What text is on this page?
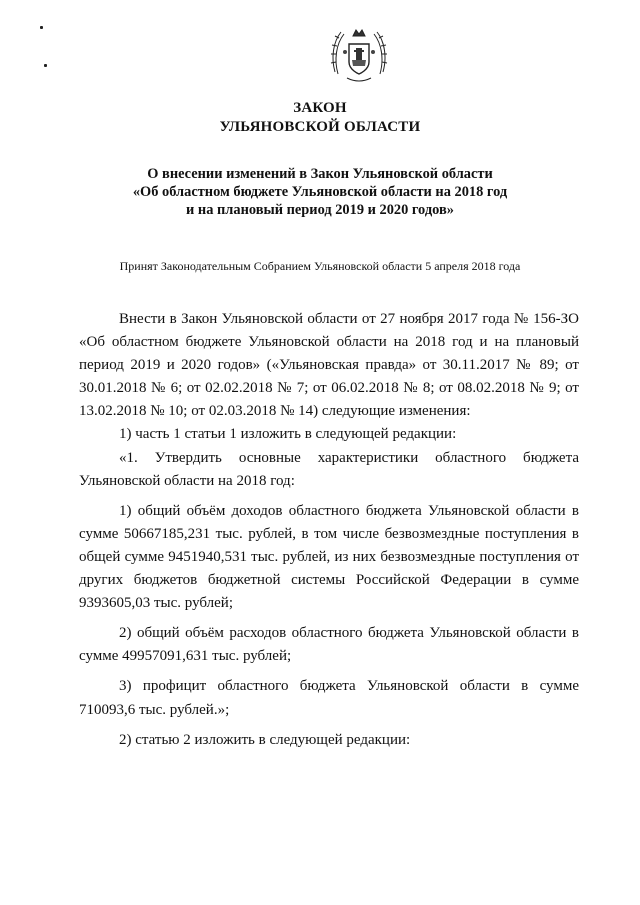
ЗАКОН
УЛЬЯНОВСКОЙ ОБЛАСТИ
О внесении изменений в Закон Ульяновской области
«Об областном бюджете Ульяновской области на 2018 год
и на плановый период 2019 и 2020 годов»
Принят Законодательным Собранием Ульяновской области 5 апреля 2018 года

Внести в Закон Ульяновской области от 27 ноября 2017 года № 156-ЗО «Об областном бюджете Ульяновской области на 2018 год и на плановый период 2019 и 2020 годов» («Ульяновская правда» от 30.11.2017 № 89; от 30.01.2018 № 6; от 02.02.2018 № 7; от 06.02.2018 № 8; от 08.02.2018 № 9; от 13.02.2018 № 10; от 02.03.2018 № 14) следующие изменения:

1) часть 1 статьи 1 изложить в следующей редакции:

«1. Утвердить основные характеристики областного бюджета Ульяновской области на 2018 год:

1) общий объём доходов областного бюджета Ульяновской области в сумме 50667185,231 тыс. рублей, в том числе безвозмездные поступления в общей сумме 9451940,531 тыс. рублей, из них безвозмездные поступления от других бюджетов бюджетной системы Российской Федерации в сумме 9393605,03 тыс. рублей;

2) общий объём расходов областного бюджета Ульяновской области в сумме 49957091,631 тыс. рублей;

3) профицит областного бюджета Ульяновской области в сумме 710093,6 тыс. рублей.»;

2) статью 2 изложить в следующей редакции:
